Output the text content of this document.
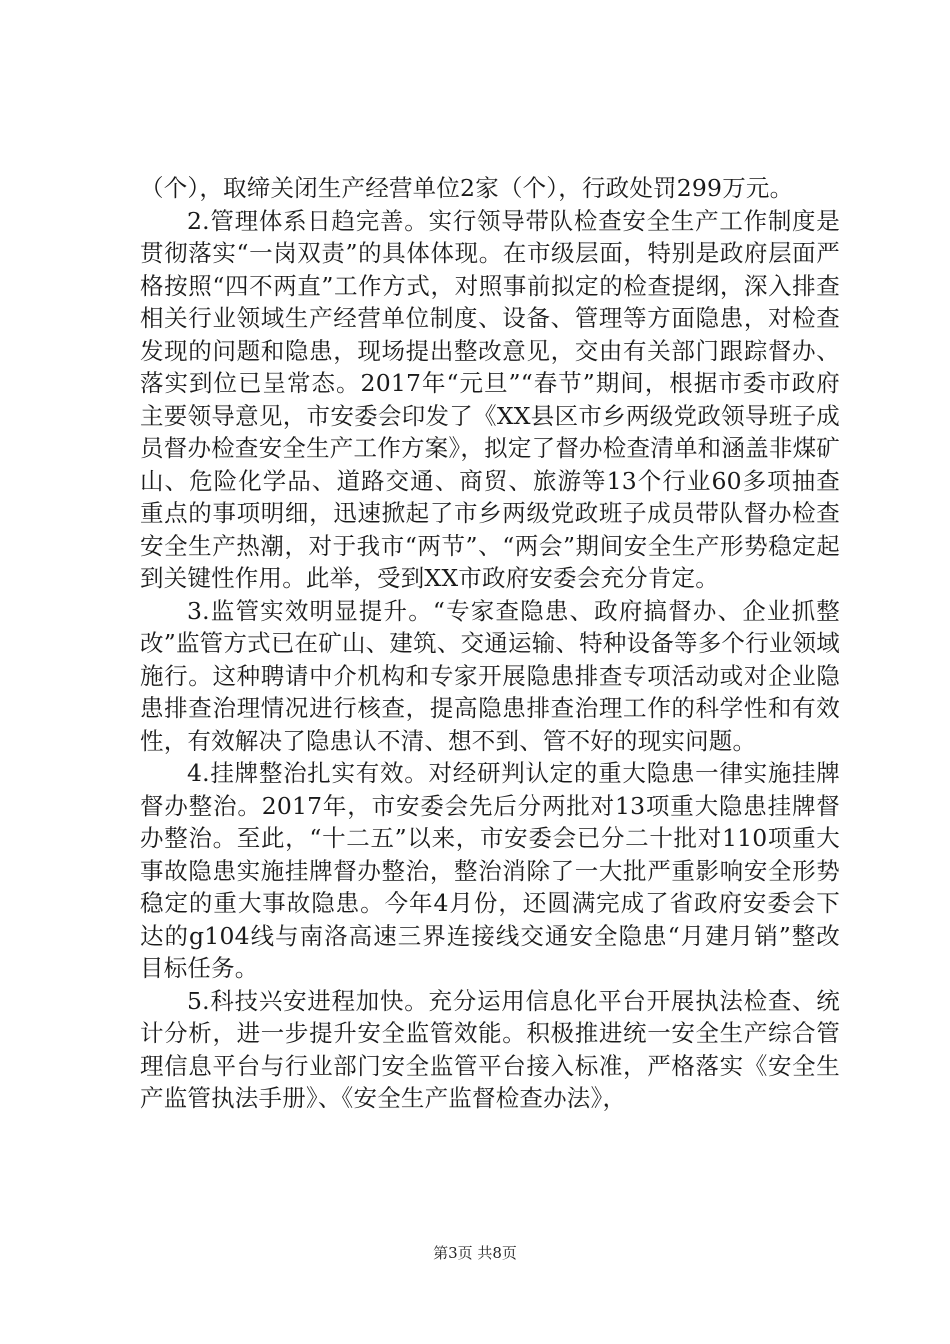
（个），取缔关闭生产经营单位2家（个），行政处罚299万元。

2.管理体系日趋完善。实行领导带队检查安全生产工作制度是贯彻落实“一岗双责”的具体体现。在市级层面，特别是政府层面严格按照“四不两直”工作方式，对照事前拟定的检查提纲，深入排查相关行业领域生产经营单位制度、设备、管理等方面隐患，对检查发现的问题和隐患，现场提出整改意见，交由有关部门跟踪督办、落实到位已呈常态。2017年“元旦”“春节”期间，根据市委市政府主要领导意见，市安委会印发了《XX县区市乡两级党政领导班子成员督办检查安全生产工作方案》，拟定了督办检查清单和涵盖非煤矿山、危险化学品、道路交通、商贸、旅游等13个行业60多项抽查重点的事项明细，迅速掀起了市乡两级党政班子成员带队督办检查安全生产热潮，对于我市“两节”、“两会”期间安全生产形势稳定起到关键性作用。此举，受到XX市政府安委会充分肯定。

3.监管实效明显提升。“专家查隐患、政府搞督办、企业抓整改”监管方式已在矿山、建筑、交通运输、特种设备等多个行业领域施行。这种聘请中介机构和专家开展隐患排查专项活动或对企业隐患排查治理情况进行核查，提高隐患排查治理工作的科学性和有效性，有效解决了隐患认不清、想不到、管不好的现实问题。

4.挂牌整治扎实有效。对经研判认定的重大隐患一律实施挂牌督办整治。2017年，市安委会先后分两批对13项重大隐患挂牌督办整治。至此，“十二五”以来，市安委会已分二十批对110项重大事故隐患实施挂牌督办整治，整治消除了一大批严重影响安全形势稳定的重大事故隐患。今年4月份，还圆满完成了省政府安委会下达的g104线与南洛高速三界连接线交通安全隐患“月建月销”整改目标任务。

5.科技兴安进程加快。充分运用信息化平台开展执法检查、统计分析，进一步提升安全监管效能。积极推进统一安全生产综合管理信息平台与行业部门安全监管平台接入标准，严格落实《安全生产监管执法手册》、《安全生产监督检查办法》，

第3页 共8页
